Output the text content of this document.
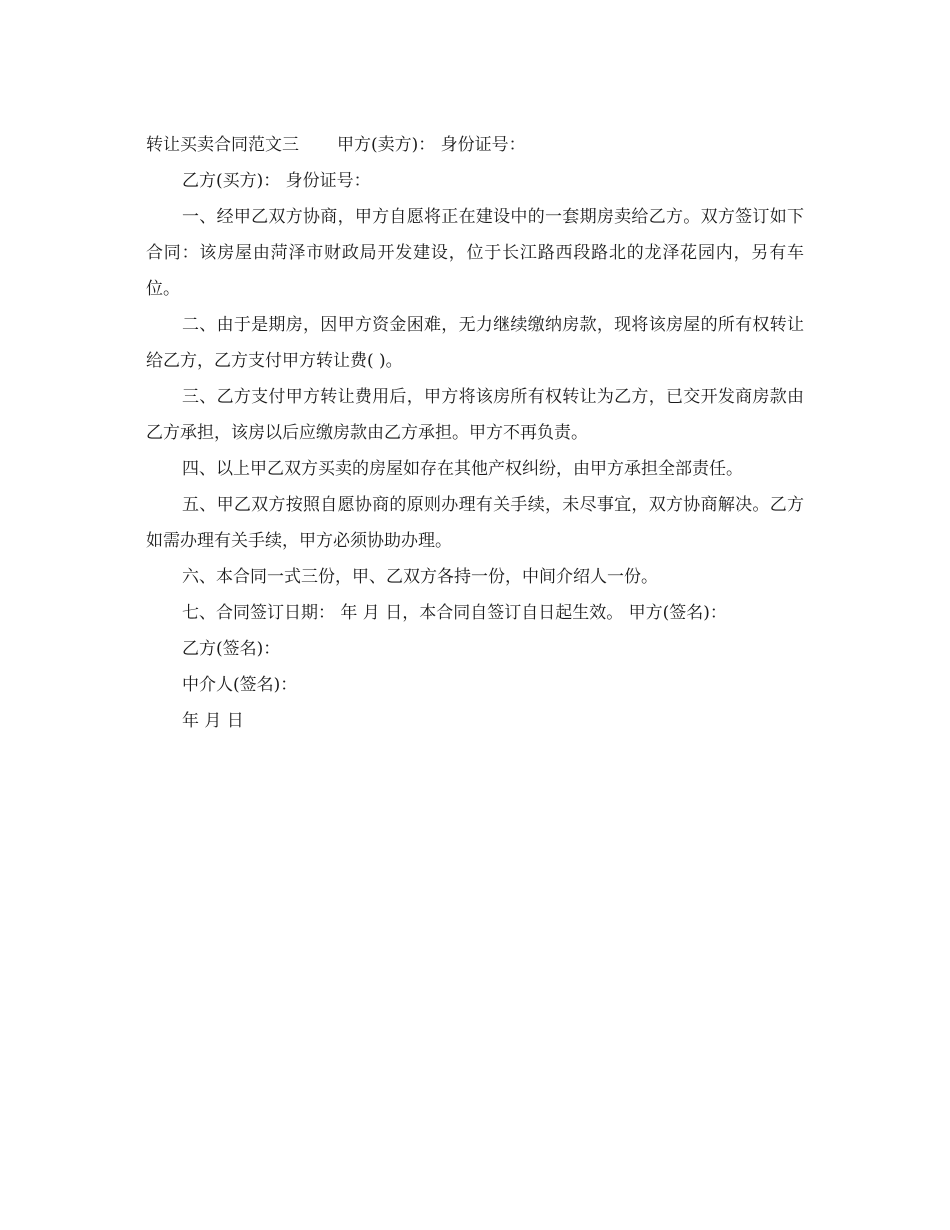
转让买卖合同范文三 甲方(卖方)： 身份证号：

乙方(买方)： 身份证号：

一、经甲乙双方协商，甲方自愿将正在建设中的一套期房卖给乙方。双方签订如下合同：该房屋由菏泽市财政局开发建设，位于长江路西段路北的龙泽花园内，另有车位。

二、由于是期房，因甲方资金困难，无力继续缴纳房款，现将该房屋的所有权转让给乙方，乙方支付甲方转让费( )。

三、乙方支付甲方转让费用后，甲方将该房所有权转让为乙方，已交开发商房款由乙方承担，该房以后应缴房款由乙方承担。甲方不再负责。

四、以上甲乙双方买卖的房屋如存在其他产权纠纷，由甲方承担全部责任。

五、甲乙双方按照自愿协商的原则办理有关手续，未尽事宜，双方协商解决。乙方如需办理有关手续，甲方必须协助办理。

六、本合同一式三份，甲、乙双方各持一份，中间介绍人一份。

七、合同签订日期： 年 月 日，本合同自签订自日起生效。 甲方(签名)：

乙方(签名)：

中介人(签名)：

年 月 日
